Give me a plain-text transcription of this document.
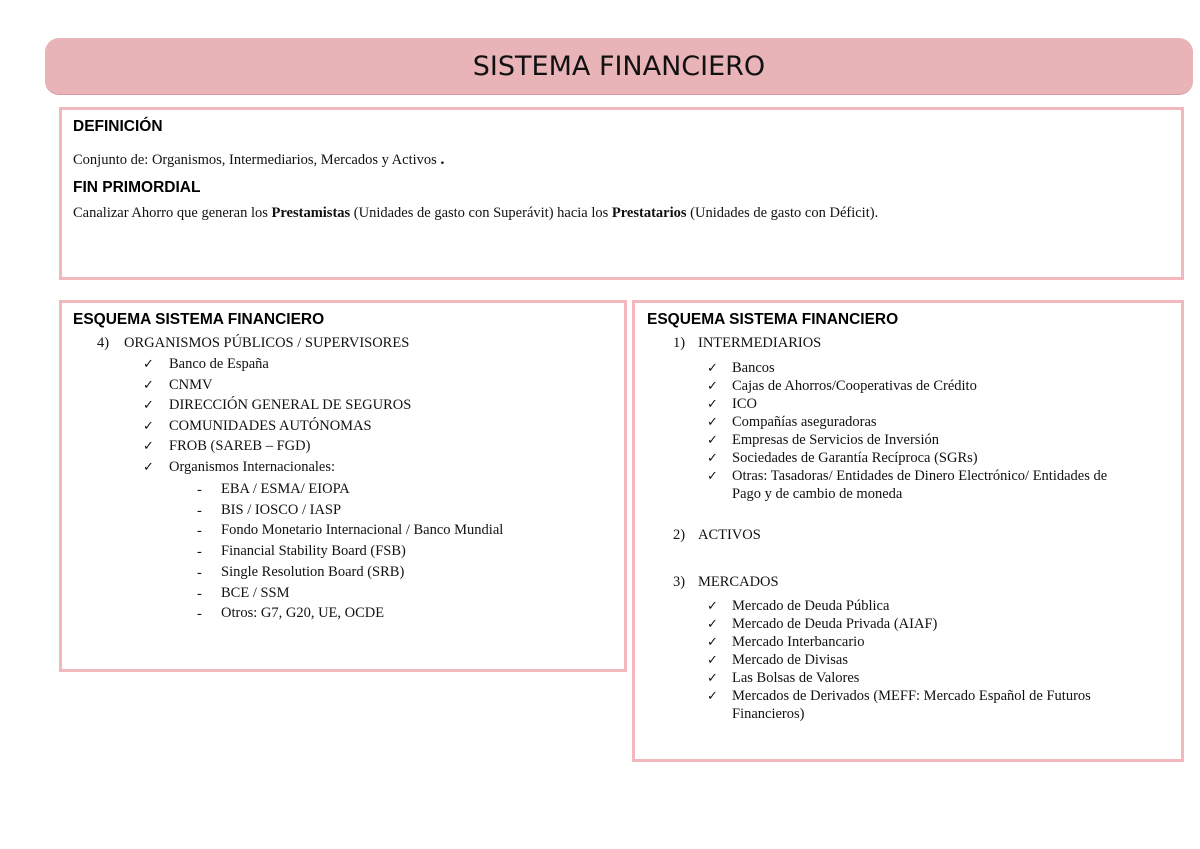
SISTEMA FINANCIERO
DEFINICIÓN
Conjunto de: Organismos, Intermediarios, Mercados y Activos .
FIN PRIMORDIAL
Canalizar Ahorro que generan los Prestamistas (Unidades de gasto con Superávit) hacia los Prestatarios (Unidades de gasto con Déficit).
ESQUEMA SISTEMA FINANCIERO
4) ORGANISMOS PÚBLICOS / SUPERVISORES
✓ Banco de España
✓ CNMV
✓ DIRECCIÓN GENERAL DE SEGUROS
✓ COMUNIDADES AUTÓNOMAS
✓ FROB (SAREB – FGD)
✓ Organismos Internacionales:
- EBA / ESMA/ EIOPA
- BIS / IOSCO / IASP
- Fondo Monetario Internacional / Banco Mundial
- Financial Stability Board (FSB)
- Single Resolution Board (SRB)
- BCE / SSM
- Otros: G7, G20, UE, OCDE
ESQUEMA SISTEMA FINANCIERO
1) INTERMEDIARIOS
✓ Bancos
✓ Cajas de Ahorros/Cooperativas de Crédito
✓ ICO
✓ Compañías aseguradoras
✓ Empresas de Servicios de Inversión
✓ Sociedades de Garantía Recíproca (SGRs)
✓ Otras: Tasadoras/ Entidades de Dinero Electrónico/ Entidades de
Pago y de cambio de moneda
2) ACTIVOS
3) MERCADOS
✓ Mercado de Deuda Pública
✓ Mercado de Deuda Privada (AIAF)
✓ Mercado Interbancario
✓ Mercado de Divisas
✓ Las Bolsas de Valores
✓ Mercados de Derivados (MEFF: Mercado Español de Futuros
Financieros)
